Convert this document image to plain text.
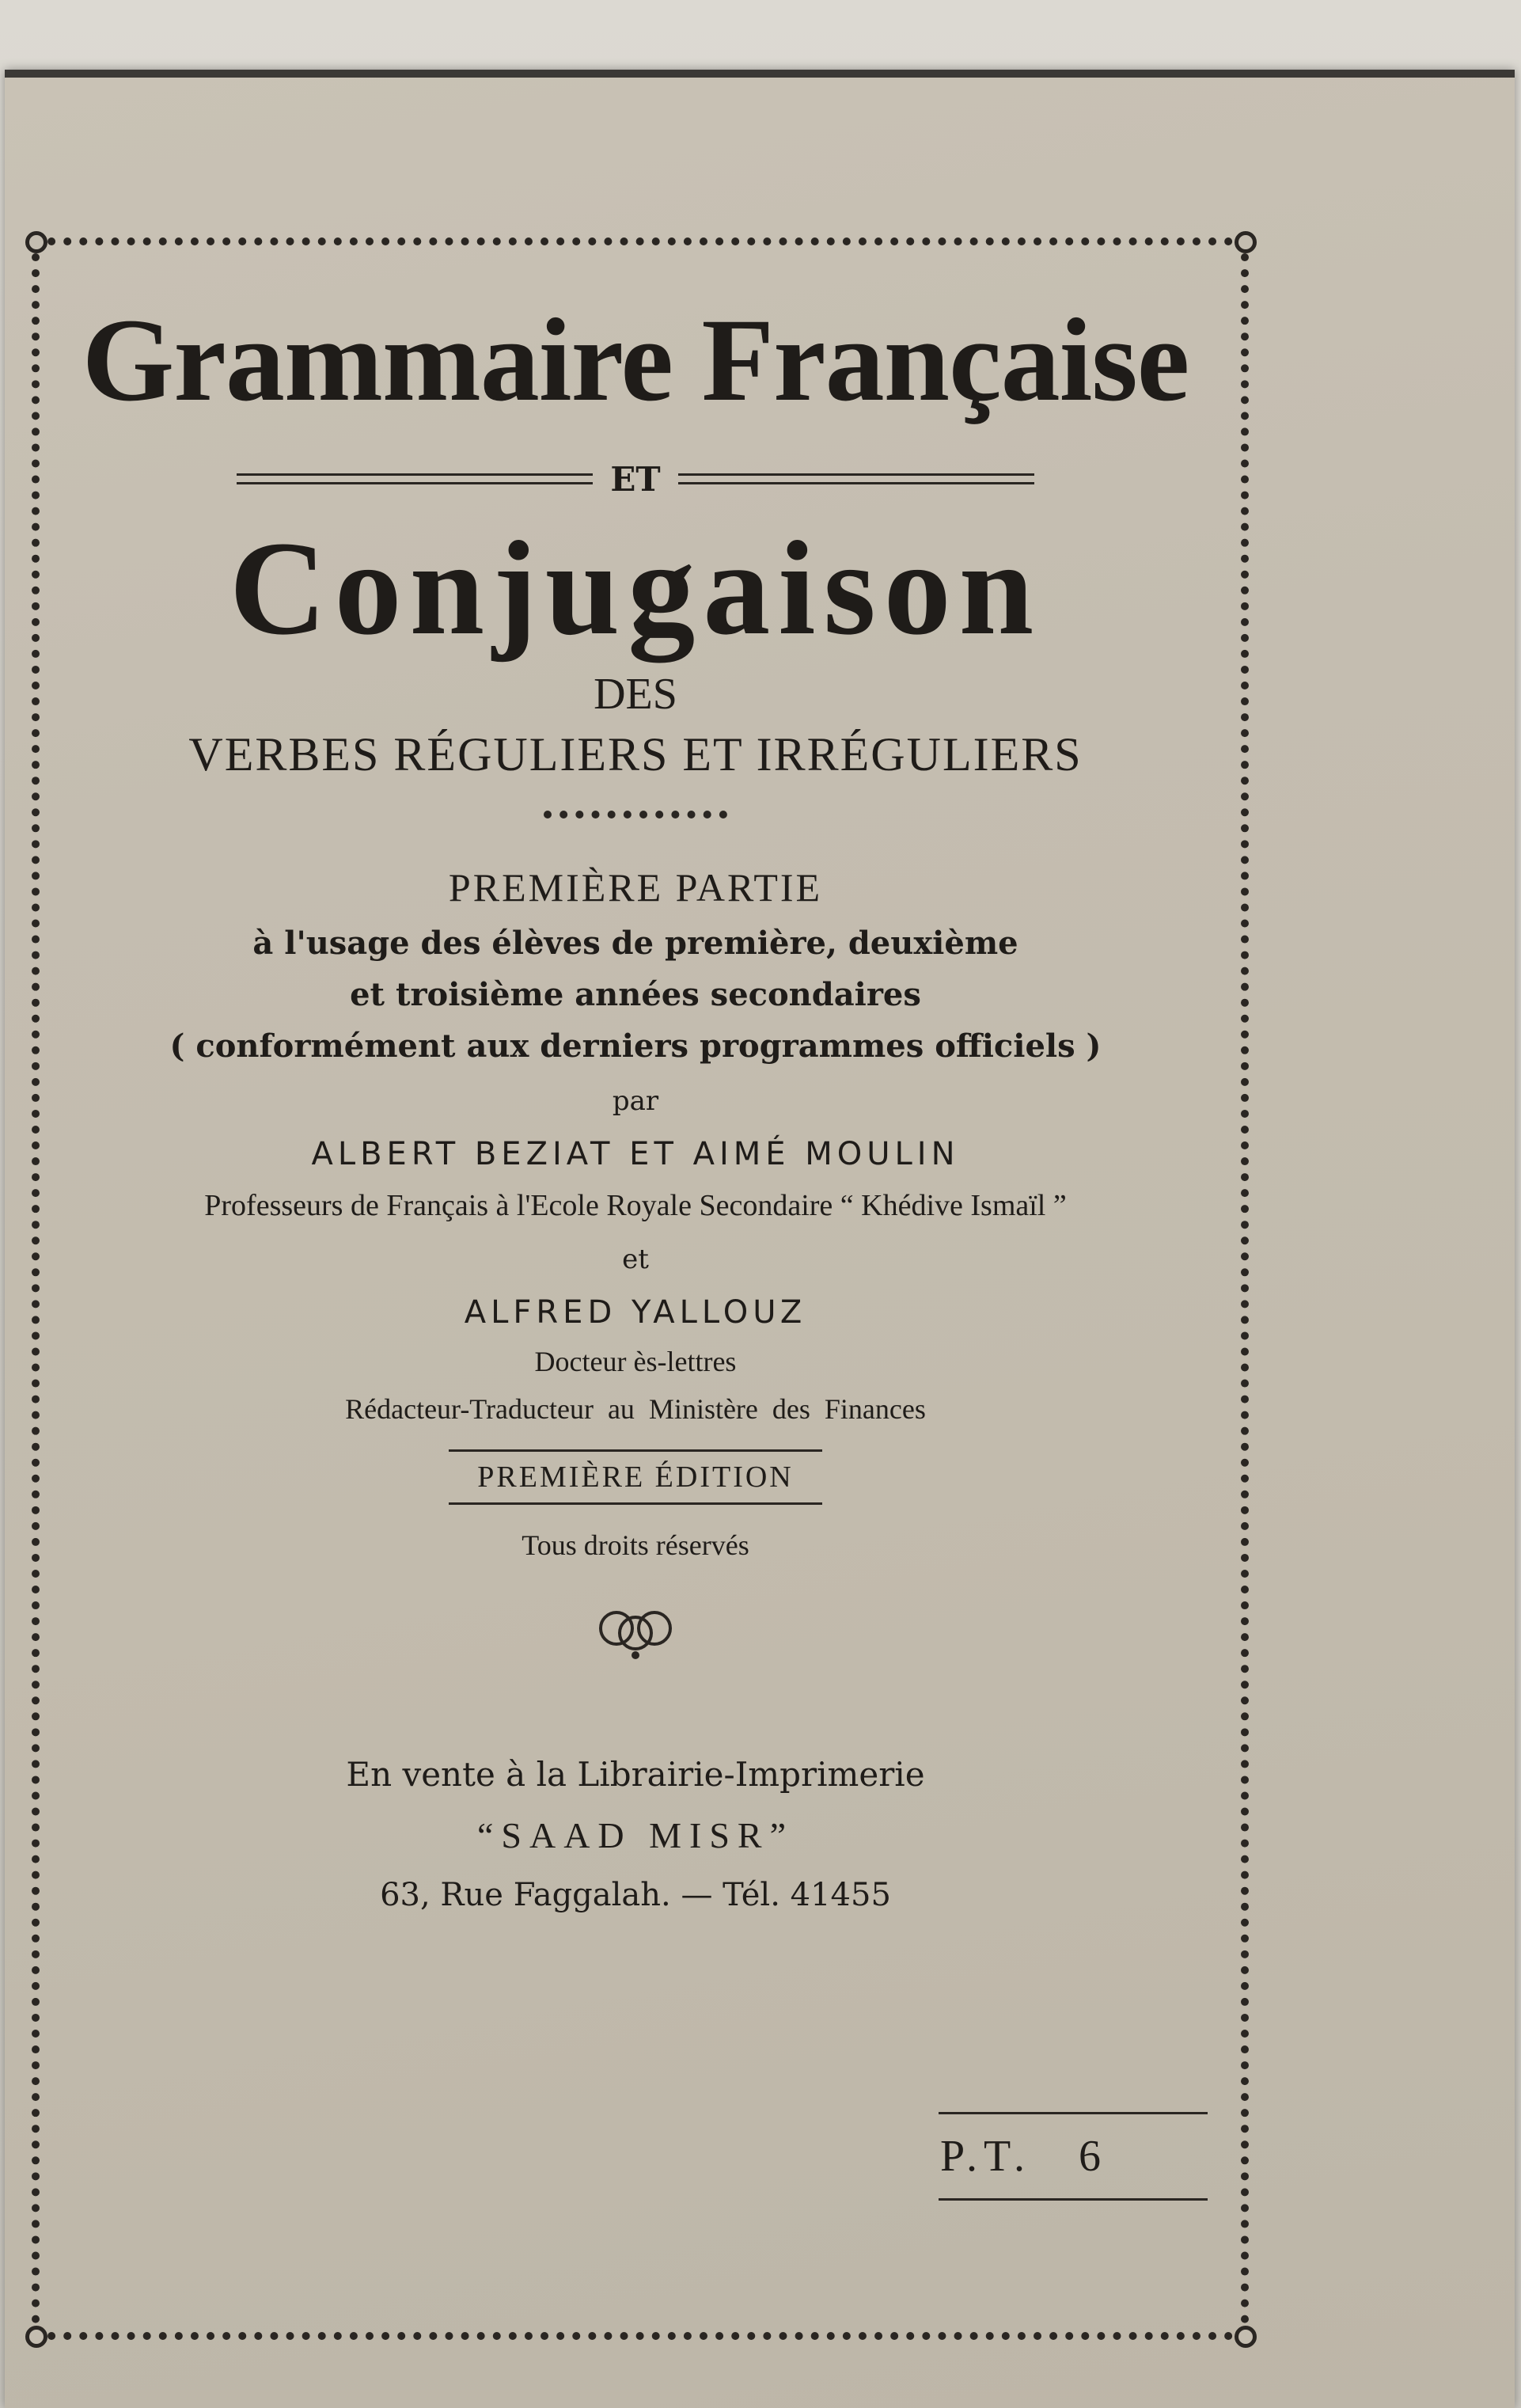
Grammaire Française
ET
Conjugaison
DES
VERBES RÉGULIERS ET IRRÉGULIERS
PREMIÈRE PARTIE
à l'usage des élèves de première, deuxième
et troisième années secondaires
( conformément aux derniers programmes officiels )
par
ALBERT BEZIAT ET AIMÉ MOULIN
Professeurs de Français à l'Ecole Royale Secondaire “ Khédive Ismaïl ”
et
ALFRED YALLOUZ
Docteur ès-lettres
Rédacteur-Traducteur  au  Ministère  des  Finances
PREMIÈRE ÉDITION
Tous droits réservés
En vente à la Librairie-Imprimerie
“SAAD MISR”
63, Rue Faggalah. — Tél. 41455
P.T. 6
